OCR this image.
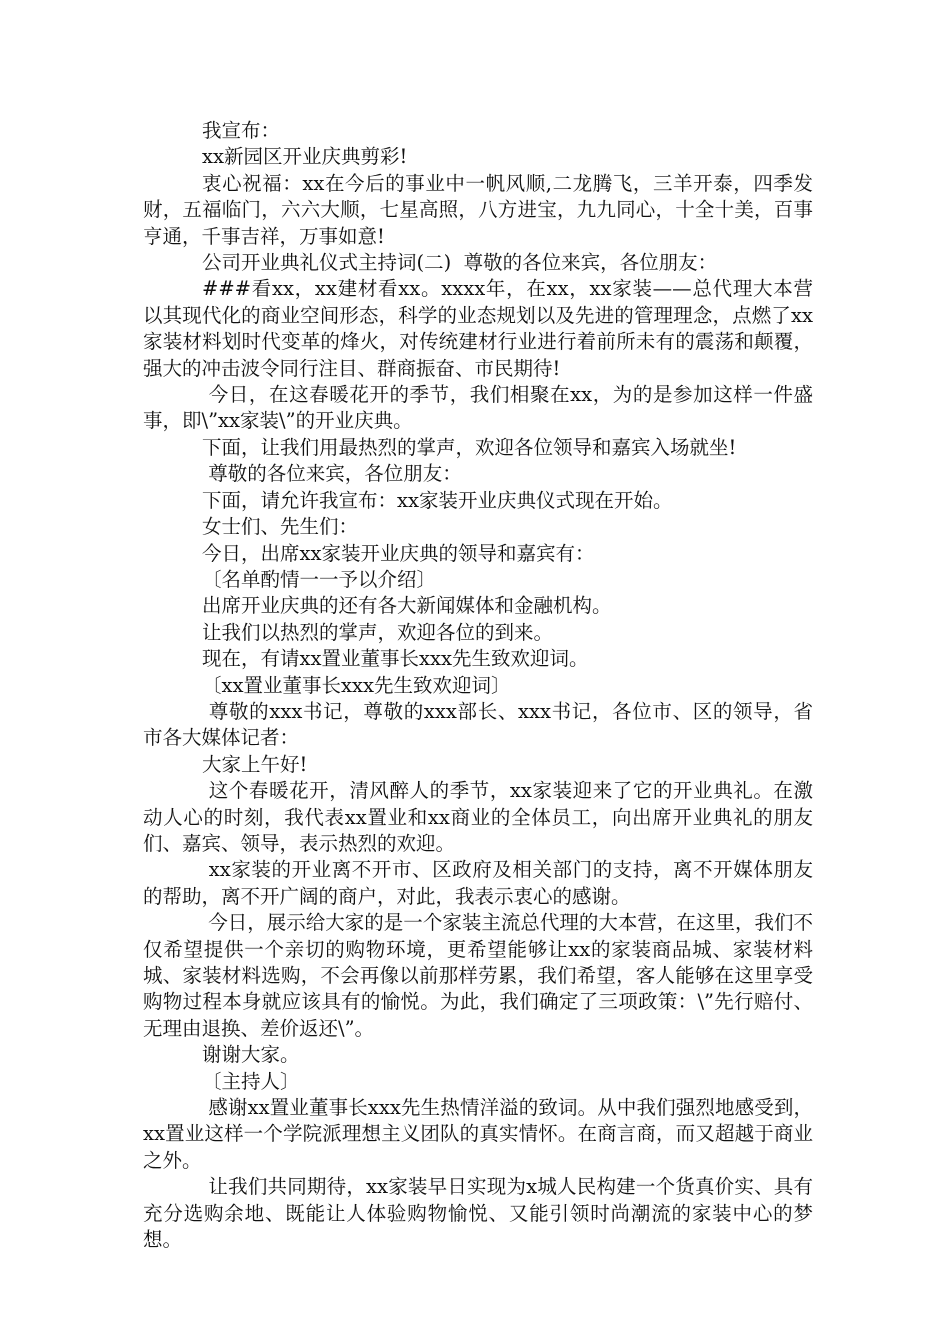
我宣布：

xx新园区开业庆典剪彩!

衷心祝福：xx在今后的事业中一帆风顺,二龙腾飞，三羊开泰，四季发财，五福临门，六六大顺，七星高照，八方进宝，九九同心，十全十美，百事亨通，千事吉祥，万事如意!

公司开业典礼仪式主持词(二)  尊敬的各位来宾，各位朋友：

###看xx，xx建材看xx。xxxx年，在xx，xx家装——总代理大本营以其现代化的商业空间形态，科学的业态规划以及先进的管理理念，点燃了xx家装材料划时代变革的烽火，对传统建材行业进行着前所未有的震荡和颠覆，强大的冲击波令同行注目、群商振奋、市民期待!

今日，在这春暖花开的季节，我们相聚在xx，为的是参加这样一件盛事，即\”xx家装\”的开业庆典。

下面，让我们用最热烈的掌声，欢迎各位领导和嘉宾入场就坐!

尊敬的各位来宾，各位朋友：

下面，请允许我宣布：xx家装开业庆典仪式现在开始。

女士们、先生们：

今日，出席xx家装开业庆典的领导和嘉宾有：

〔名单酌情一一予以介绍〕

出席开业庆典的还有各大新闻媒体和金融机构。

让我们以热烈的掌声，欢迎各位的到来。

现在，有请xx置业董事长xxx先生致欢迎词。

〔xx置业董事长xxx先生致欢迎词〕

尊敬的xxx书记，尊敬的xxx部长、xxx书记，各位市、区的领导，省市各大媒体记者：

大家上午好!

这个春暖花开，清风醉人的季节，xx家装迎来了它的开业典礼。在激动人心的时刻，我代表xx置业和xx商业的全体员工，向出席开业典礼的朋友们、嘉宾、领导，表示热烈的欢迎。

xx家装的开业离不开市、区政府及相关部门的支持，离不开媒体朋友的帮助，离不开广阔的商户，对此，我表示衷心的感谢。

今日，展示给大家的是一个家装主流总代理的大本营，在这里，我们不仅希望提供一个亲切的购物环境，更希望能够让xx的家装商品城、家装材料城、家装材料选购，不会再像以前那样劳累，我们希望，客人能够在这里享受购物过程本身就应该具有的愉悦。为此，我们确定了三项政策：\”先行赔付、无理由退换、差价返还\”。

谢谢大家。

〔主持人〕

感谢xx置业董事长xxx先生热情洋溢的致词。从中我们强烈地感受到，xx置业这样一个学院派理想主义团队的真实情怀。在商言商，而又超越于商业之外。

让我们共同期待，xx家装早日实现为x城人民构建一个货真价实、具有充分选购余地、既能让人体验购物愉悦、又能引领时尚潮流的家装中心的梦想。
